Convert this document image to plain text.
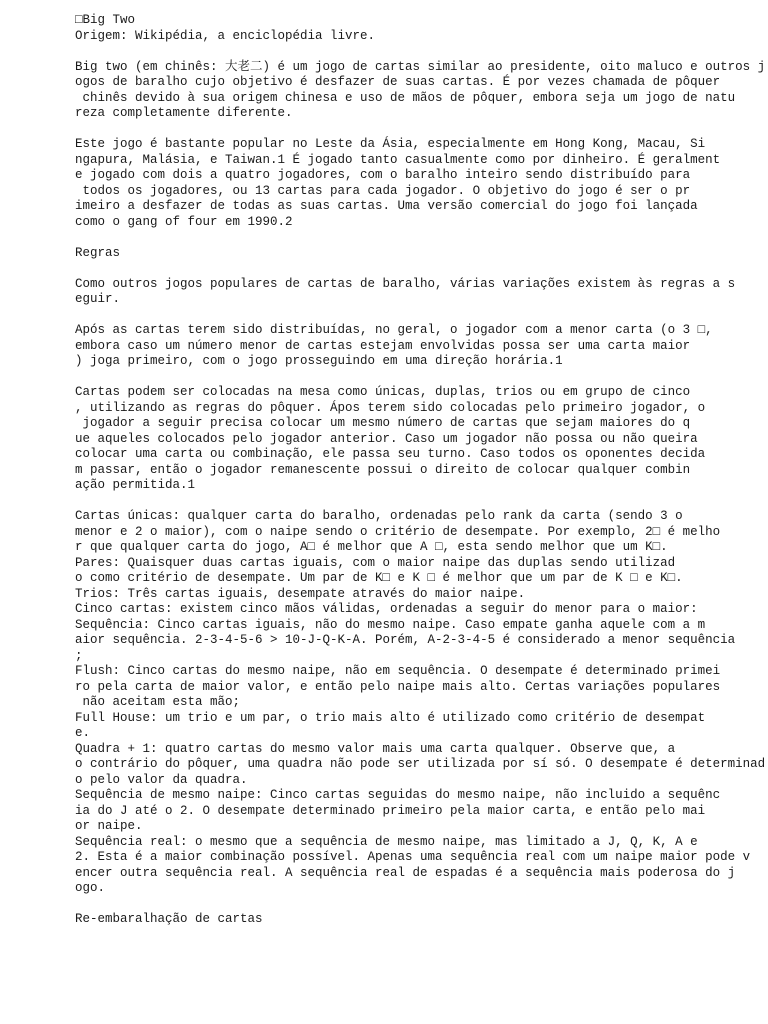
□Big Two
Origem: Wikipédia, a enciclopédia livre.
Big two (em chinês: 大老二) é um jogo de cartas similar ao presidente, oito maluco e outros j
ogos de baralho cujo objetivo é desfazer de suas cartas. É por vezes chamada de pôquer
chinês devido à sua origem chinesa e uso de mãos de pôquer, embora seja um jogo de natu
reza completamente diferente.
Este jogo é bastante popular no Leste da Ásia, especialmente em Hong Kong, Macau, Si
ngapura, Malásia, e Taiwan.1 É jogado tanto casualmente como por dinheiro. É geralment
e jogado com dois a quatro jogadores, com o baralho inteiro sendo distribuído para
todos os jogadores, ou 13 cartas para cada jogador. O objetivo do jogo é ser o pr
imeiro a desfazer de todas as suas cartas. Uma versão comercial do jogo foi lançada
como o gang of four em 1990.2
Regras
Como outros jogos populares de cartas de baralho, várias variações existem às regras a s
eguir.
Após as cartas terem sido distribuídas, no geral, o jogador com a menor carta (o 3 □,
embora caso um número menor de cartas estejam envolvidas possa ser uma carta maior
) joga primeiro, com o jogo prosseguindo em uma direção horária.1
Cartas podem ser colocadas na mesa como únicas, duplas, trios ou em grupo de cinco
, utilizando as regras do pôquer. Ápos terem sido colocadas pelo primeiro jogador, o
jogador a seguir precisa colocar um mesmo número de cartas que sejam maiores do q
ue aqueles colocados pelo jogador anterior. Caso um jogador não possa ou não queira
colocar uma carta ou combinação, ele passa seu turno. Caso todos os oponentes decida
m passar, então o jogador remanescente possui o direito de colocar qualquer combin
ação permitida.1
Cartas únicas: qualquer carta do baralho, ordenadas pelo rank da carta (sendo 3 o
menor e 2 o maior), com o naipe sendo o critério de desempate. Por exemplo, 2□ é melho
r que qualquer carta do jogo, A□ é melhor que A □, esta sendo melhor que um K□.
Pares: Quaisquer duas cartas iguais, com o maior naipe das duplas sendo utilizad
o como critério de desempate. Um par de K□ e K □ é melhor que um par de K □ e K□.
Trios: Três cartas iguais, desempate através do maior naipe.
Cinco cartas: existem cinco mãos válidas, ordenadas a seguir do menor para o maior:
Sequência: Cinco cartas iguais, não do mesmo naipe. Caso empate ganha aquele com a m
aior sequência. 2-3-4-5-6 > 10-J-Q-K-A. Porém, A-2-3-4-5 é considerado a menor sequência
;
Flush: Cinco cartas do mesmo naipe, não em sequência. O desempate é determinado primei
ro pela carta de maior valor, e então pelo naipe mais alto. Certas variações populares
não aceitam esta mão;
Full House: um trio e um par, o trio mais alto é utilizado como critério de desempat
e.
Quadra + 1: quatro cartas do mesmo valor mais uma carta qualquer. Observe que, a
o contrário do pôquer, uma quadra não pode ser utilizada por sí só. O desempate é determinad
o pelo valor da quadra.
Sequência de mesmo naipe: Cinco cartas seguidas do mesmo naipe, não incluido a sequênc
ia do J até o 2. O desempate determinado primeiro pela maior carta, e então pelo mai
or naipe.
Sequência real: o mesmo que a sequência de mesmo naipe, mas limitado a J, Q, K, A e
2. Esta é a maior combinação possível. Apenas uma sequência real com um naipe maior pode v
encer outra sequência real. A sequência real de espadas é a sequência mais poderosa do j
ogo.
Re-embaralhação de cartas
